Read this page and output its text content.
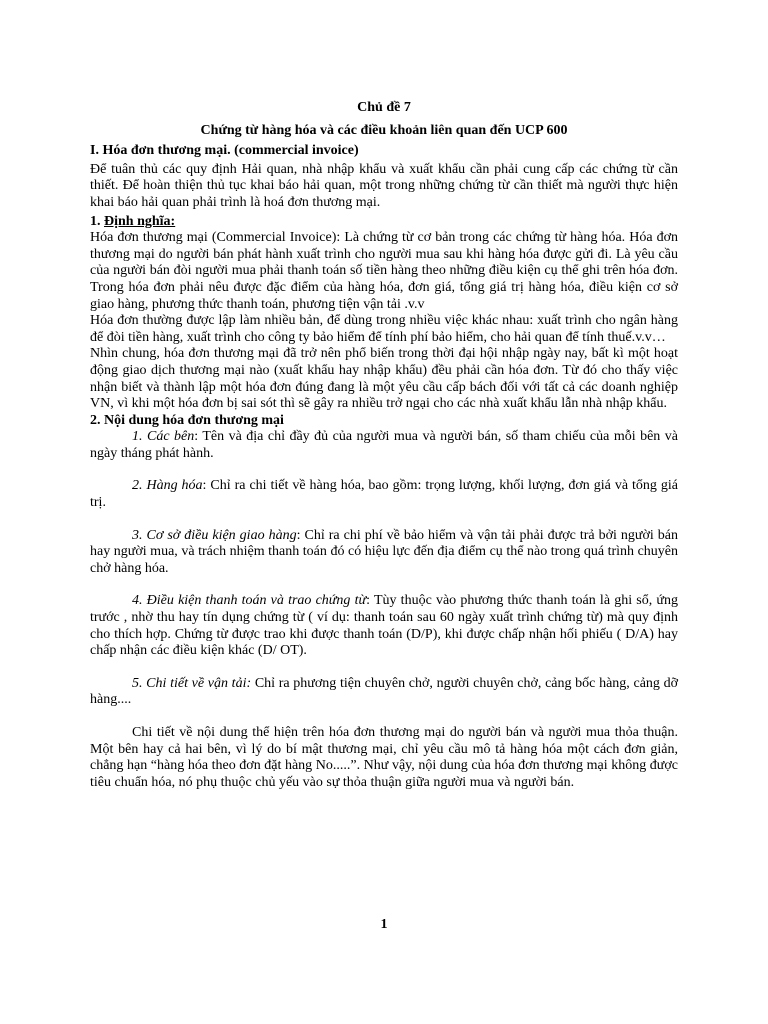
Chủ đề 7
Chứng từ hàng hóa và các điều khoản liên quan đến UCP 600
I. Hóa đơn thương mại. (commercial invoice)

Để tuân thủ các quy định Hải quan, nhà nhập khẩu và xuất khẩu cần phải cung cấp các chứng từ cần thiết. Để hoàn thiện thủ tục khai báo hải quan, một trong những chứng từ cần thiết mà người thực hiện khai báo hải quan phải trình là hoá đơn thương mại.

1. Định nghĩa:

Hóa đơn thương mại (Commercial Invoice): Là chứng từ cơ bản trong các chứng từ hàng hóa. Hóa đơn thương mại do người bán phát hành xuất trình cho người mua sau khi hàng hóa được gửi đi. Là yêu cầu của người bán đòi người mua phải thanh toán số tiền hàng theo những điều kiện cụ thể ghi trên hóa đơn. Trong hóa đơn phải nêu được đặc điểm của hàng hóa, đơn giá, tổng giá trị hàng hóa, điều kiện cơ sở giao hàng, phương thức thanh toán, phương tiện vận tải .v.v

Hóa đơn thường được lập làm nhiều bản, để dùng trong nhiều việc khác nhau: xuất trình cho ngân hàng để đòi tiền hàng, xuất trình cho công ty bảo hiểm để tính phí bảo hiểm, cho hải quan để tính thuế.v.v…

Nhìn chung, hóa đơn thương mại đã trở nên phổ biến trong thời đại hội nhập ngày nay, bất kì một hoạt động giao dịch thương mại nào (xuất khẩu hay nhập khẩu) đều phải cần hóa đơn. Từ đó cho thấy việc nhận biết và thành lập một hóa đơn đúng đang là một yêu cầu cấp bách đối với tất cả các doanh nghiệp VN, vì khi một hóa đơn bị sai sót thì sẽ gây ra nhiều trở ngại cho các nhà xuất khẩu lẫn nhà nhập khẩu.

2. Nội dung hóa đơn thương mại

1. Các bên: Tên và địa chỉ đầy đủ của người mua và người bán, số tham chiếu của mỗi bên và ngày tháng phát hành.

2. Hàng hóa: Chỉ ra chi tiết về hàng hóa, bao gồm: trọng lượng, khối lượng, đơn giá và tổng giá trị.

3. Cơ sở điều kiện giao hàng: Chỉ ra chi phí về bảo hiểm và vận tải phải được trả bởi người bán hay người mua, và trách nhiệm thanh toán đó có hiệu lực đến địa điểm cụ thể nào trong quá trình chuyên chở hàng hóa.

4. Điều kiện thanh toán và trao chứng từ: Tùy thuộc vào phương thức thanh toán là ghi sổ, ứng trước , nhờ thu hay tín dụng chứng từ ( ví dụ: thanh toán sau 60 ngày xuất trình chứng từ) mà quy định cho thích hợp. Chứng từ được trao khi được thanh toán (D/P), khi được chấp nhận hối phiếu ( D/A) hay chấp nhận các điều kiện khác (D/ OT).

5. Chi tiết về vận tải: Chỉ ra phương tiện chuyên chở, người chuyên chở, cảng bốc hàng, cảng dỡ hàng....

Chi tiết về nội dung thể hiện trên hóa đơn thương mại do người bán và người mua thỏa thuận. Một bên hay cả hai bên, vì lý do bí mật thương mại, chỉ yêu cầu mô tả hàng hóa một cách đơn giản, chẳng hạn “hàng hóa theo đơn đặt hàng No.....”. Như vậy, nội dung của hóa đơn thương mại không được tiêu chuẩn hóa, nó phụ thuộc chủ yếu vào sự thỏa thuận giữa người mua và người bán.

1
